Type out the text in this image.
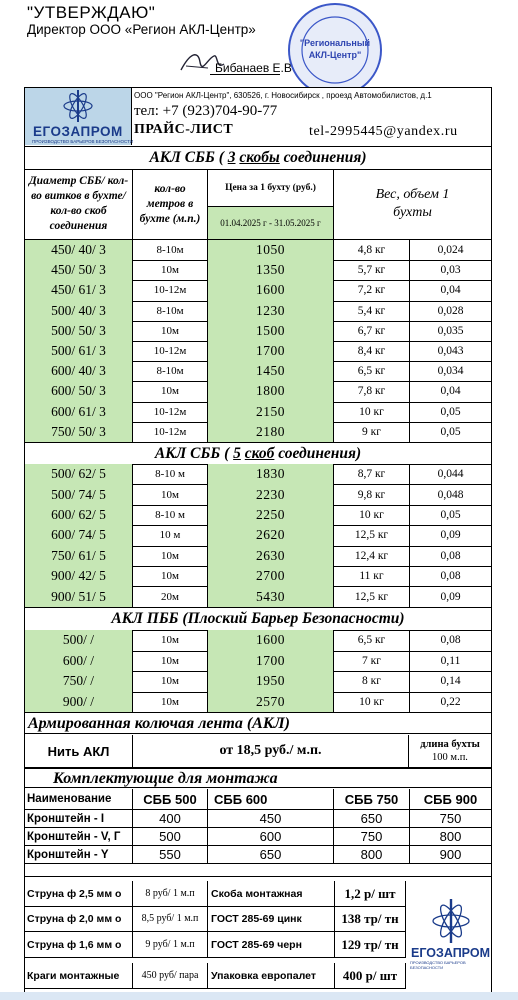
"УТВЕРЖДАЮ"
Директор ООО «Регион АКЛ-Центр»
Бибанаев Е.В
"Региональный
АКЛ-Центр"
ЕГОЗАПРОМ
ПРОИЗВОДСТВО БАРЬЕРОВ БЕЗОПАСНОСТИ
ООО "Регион АКЛ-Центр", 630526, г. Новосибирск , проезд Автомобилистов, д.1
тел: +7 (923)704-90-77
ПРАЙС-ЛИСТ	tel-2995445@yandex.ru
АКЛ СББ ( 3 скобы соединения)
Диаметр СББ/ кол-во витков в бухте/ кол-во скоб соединения
кол-во метров в бухте (м.п.)
Цена за 1 бухту (руб.)
01.04.2025 г - 31.05.2025 г
Вес, объем 1 бухты
450/ 40/ 3	8-10м	1050	4,8 кг	0,024
450/ 50/ 3	10м	1350	5,7 кг	0,03
450/ 61/ 3	10-12м	1600	7,2 кг	0,04
500/ 40/ 3	8-10м	1230	5,4 кг	0,028
500/ 50/ 3	10м	1500	6,7 кг	0,035
500/ 61/ 3	10-12м	1700	8,4 кг	0,043
600/ 40/ 3	8-10м	1450	6,5 кг	0,034
600/ 50/ 3	10м	1800	7,8 кг	0,04
600/ 61/ 3	10-12м	2150	10 кг	0,05
750/ 50/ 3	10-12м	2180	9 кг	0,05
АКЛ СББ ( 5 скоб соединения)
500/ 62/ 5	8-10 м	1830	8,7 кг	0,044
500/ 74/ 5	10м	2230	9,8 кг	0,048
600/ 62/ 5	8-10 м	2250	10 кг	0,05
600/ 74/ 5	10 м	2620	12,5 кг	0,09
750/ 61/ 5	10м	2630	12,4 кг	0,08
900/ 42/ 5	10м	2700	11 кг	0,08
900/ 51/ 5	20м	5430	12,5 кг	0,09
АКЛ ПББ (Плоский Барьер Безопасности)
500/ /	10м	1600	6,5 кг	0,08
600/ /	10м	1700	7 кг	0,11
750/ /	10м	1950	8 кг	0,14
900/ /	10м	2570	10 кг	0,22
Армированная колючая лента (АКЛ)
Нить АКЛ	от 18,5 руб./ м.п.	длина бухты
100 м.п.
Комплектующие для монтажа
Наименование	СББ 500	СББ 600	СББ 750	СББ 900
Кронштейн - I	400	450	650	750
Кронштейн - V, Г	500	600	750	800
Кронштейн - Y	550	650	800	900
Струна ф 2,5 мм о	8 руб/ 1 м.п	Скоба монтажная	1,2 р/ шт
Струна ф 2,0 мм о	8,5 руб/ 1 м.п	ГОСТ 285-69 цинк	138 тр/ тн
Струна ф 1,6 мм о	9 руб/ 1 м.п	ГОСТ 285-69 черн	129 тр/ тн
Краги монтажные	450 руб/ пара	Упаковка европалет	400 р/ шт
ЕГОЗАПРОМ
ПРОИЗВОДСТВО БАРЬЕРОВ БЕЗОПАСНОСТИ
